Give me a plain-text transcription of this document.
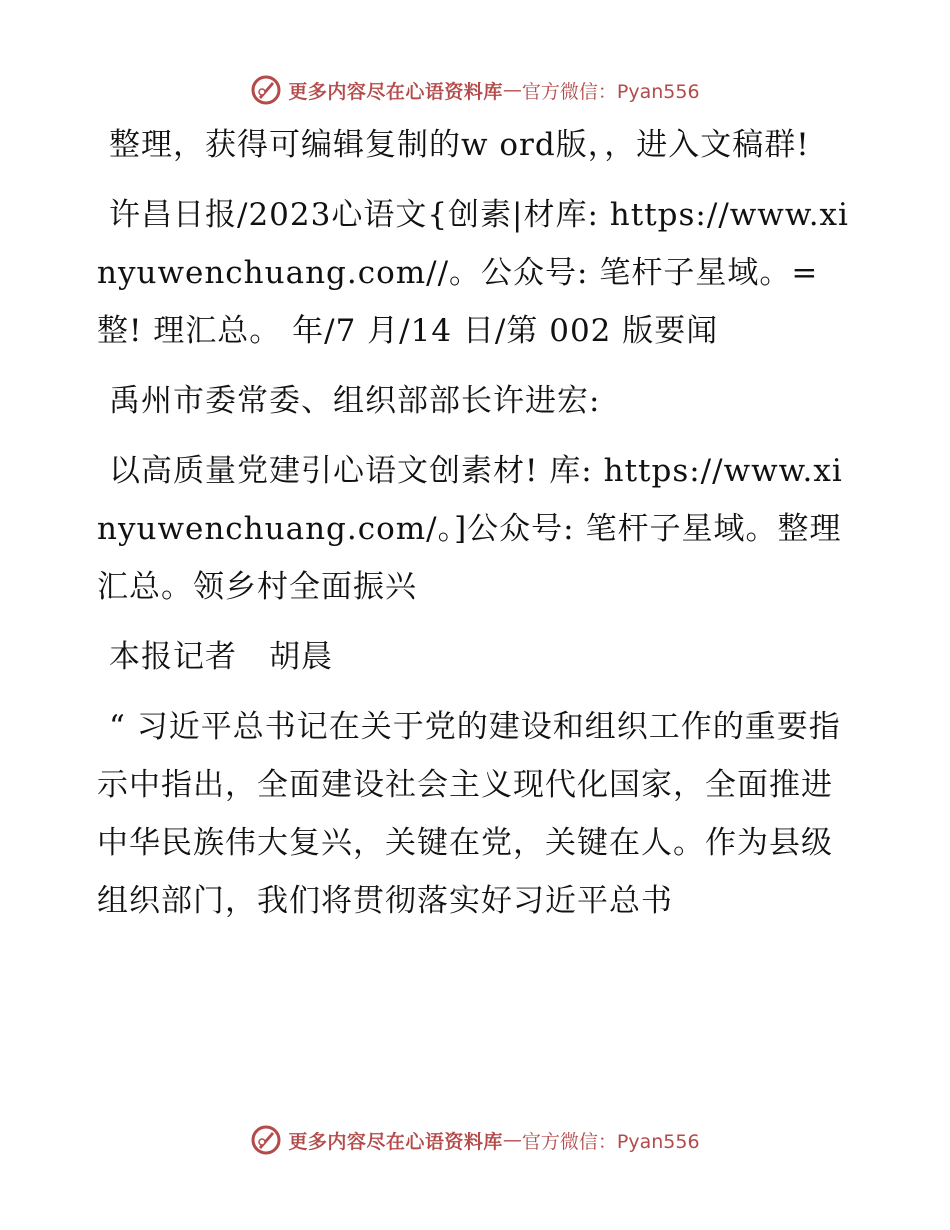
更多内容尽在心语资料库 — 官方微信：Pyan556

整理，获得可编辑复制的w ord版，，进入文稿群!

许昌日报/2023心语文{创素|材库: https://www.xinyuwenchuang.com//。公众号: 笔杆子星域。=整! 理汇总。 年/7 月/14 日/第 002 版要闻

禹州市委常委、组织部部长许进宏:

以高质量党建引心语文创素材! 库: https://www.xinyuwenchuang.com/。]公众号: 笔杆子星域。整理汇总。领乡村全面振兴

本报记者　胡晨

“ 习近平总书记在关于党的建设和组织工作的重要指示中指出，全面建设社会主义现代化国家，全面推进中华民族伟大复兴，关键在党，关键在人。作为县级组织部门，我们将贯彻落实好习近平总书

更多内容尽在心语资料库 — 官方微信：Pyan556
